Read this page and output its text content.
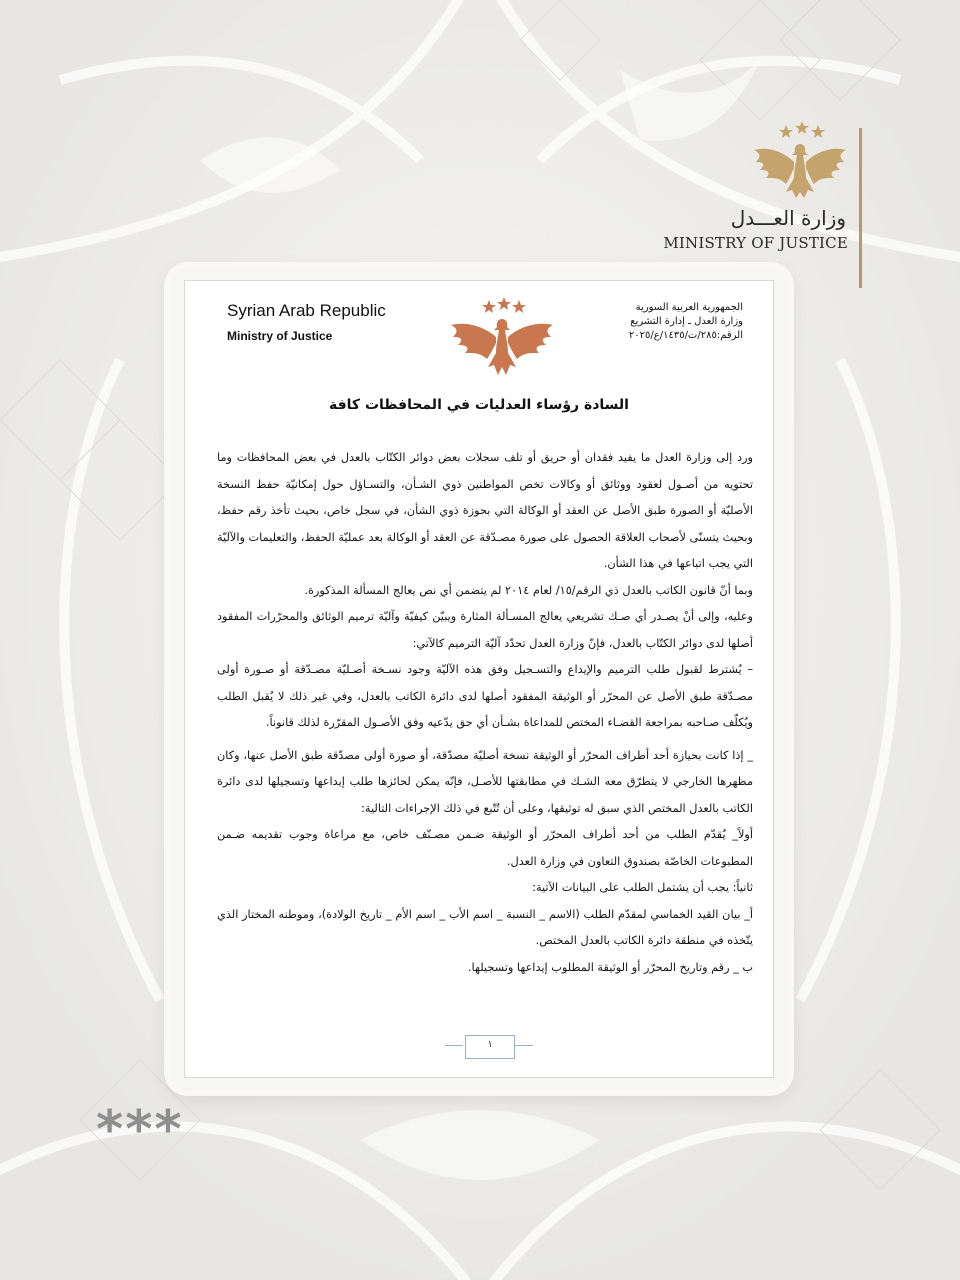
وزارة العـــدل
MINISTRY OF JUSTICE
Syrian Arab Republic
Ministry of Justice
الجمهورية العربية السورية
وزارة العدل ـ إدارة التشريع
الرقم:٢٨٥/ت/١٤٣٥/ع/٢٠٢٥
السادة رؤساء العدليات في المحافظات كافة

ورد إلى وزارة العدل ما يفيد فقدان أو حريق أو تلف سجلات بعض دوائر الكتّاب بالعدل في بعض المحافظات وما تحتويه من أصـول لعقود ووثائق أو وكالات تخص المواطنين ذوي الشـأن، والتسـاؤل حول إمكانيّة حفظ النسخة الأصليّة أو الصورة طبق الأصل عن العقد أو الوكالة التي بحوزة ذوي الشأن، في سجل خاص، بحيث تأخذ رقم حفظ، وبحيث يتسنّى لأصحاب العلاقة الحصول على صورة مصـدّقة عن العقد أو الوكالة بعد عمليّة الحفظ، والتعليمات والآليّة التي يجب اتباعها في هذا الشأن.

وبما أنّ قانون الكاتب بالعدل ذي الرقم/١٥/ لعام ٢٠١٤ لم يتضمن أي نص يعالج المسألة المذكورة.

وعليه، وإلى أنْ يصـدر أي صـك تشريعي يعالج المسـألة المثارة ويبيّن كيفيّة وآليّة ترميم الوثائق والمحرّرات المفقود أصلها لدى دوائر الكتّاب بالعدل، فإنّ وزارة العدل تحدّد آليّة الترميم كالآتي:

– يُشترط لقبول طلب الترميم والإيداع والتسـجيل وفق هذه الآليّة وجود نسـخة أصـليّة مصـدّقة أو صـورة أولى مصـدّقة طبق الأصل عن المحرّر أو الوثيقة المفقود أصلها لدى دائرة الكاتب بالعدل، وفي غير ذلك لا يُقبل الطلب ويُكلّف صـاحبه بمراجعة القضـاء المختص للمداعاة بشـأن أي حق يدّعيه وفق الأصـول المقرّرة لذلك قانوناً.

_ إذا كانت بحيازة أحد أطراف المحرّر أو الوثيقة نسخة أصليّة مصدّقة، أو صورة أولى مصدّقة طبق الأصل عنها، وكان مظهرها الخارجي لا يتطرّق معه الشـك في مطابقتها للأصـل، فإنّه يمكن لحائزها طلب إيداعها وتسجيلها لدى دائرة الكاتب بالعدل المختص الذي سبق له توثيقها، وعلى أن تُتّبع في ذلك الإجراءات التالية:

أولاً_ يُقدّم الطلب من أحد أطراف المحرّر أو الوثيقة ضـمن مصـنّف خاص، مع مراعاة وجوب تقديمه ضـمن المطبوعات الخاصّة بصندوق التعاون في وزارة العدل.

ثانياً: يجب أن يشتمل الطلب على البيانات الآتية:

أ_ بيان القيد الخماسي لمقدّم الطلب (الاسم _ النسبة _ اسم الأب _ اسم الأم _ تاريخ الولادة)، وموطنه المختار الذي يتّخذه في منطقة دائرة الكاتب بالعدل المختص.

ب _ رقم وتاريخ المحرّر أو الوثيقة المطلوب إيداعها وتسجيلها.

١
***
